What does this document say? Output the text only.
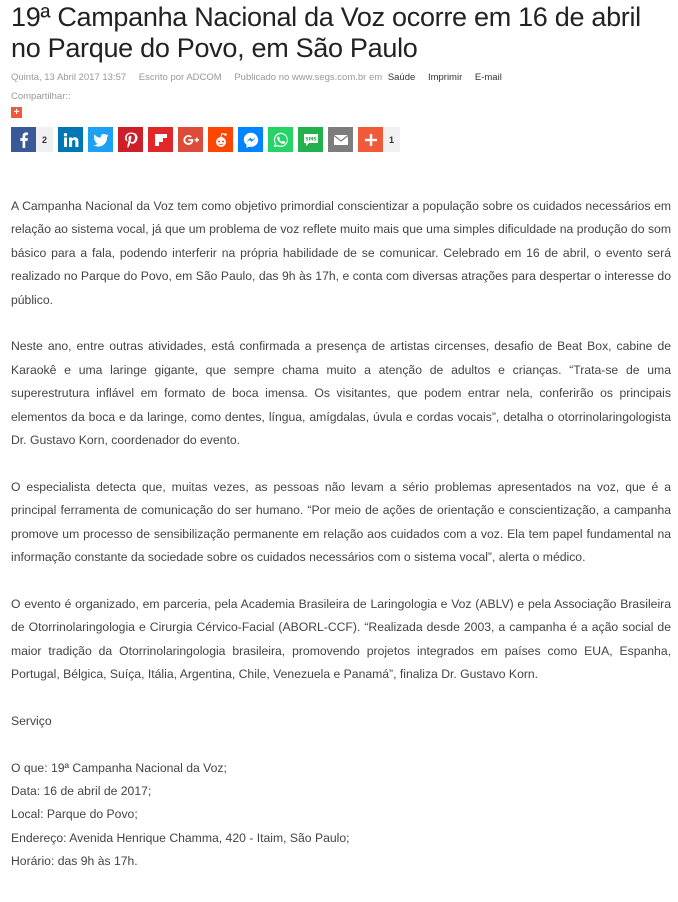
19ª Campanha Nacional da Voz ocorre em 16 de abril no Parque do Povo, em São Paulo
Quinta, 13 Abril 2017 13:57 Escrito por ADCOM Publicado no www.segs.com.br em Saúde Imprimir E-mail
Compartilhar::
+
2	SMS	1

A Campanha Nacional da Voz tem como objetivo primordial conscientizar a população sobre os cuidados necessários em relação ao sistema vocal, já que um problema de voz reflete muito mais que uma simples dificuldade na produção do som básico para a fala, podendo interferir na própria habilidade de se comunicar. Celebrado em 16 de abril, o evento será realizado no Parque do Povo, em São Paulo, das 9h às 17h, e conta com diversas atrações para despertar o interesse do público.

Neste ano, entre outras atividades, está confirmada a presença de artistas circenses, desafio de Beat Box, cabine de Karaokê e uma laringe gigante, que sempre chama muito a atenção de adultos e crianças. “Trata-se de uma superestrutura inflável em formato de boca imensa. Os visitantes, que podem entrar nela, conferirão os principais elementos da boca e da laringe, como dentes, língua, amígdalas, úvula e cordas vocais”, detalha o otorrinolaringologista Dr. Gustavo Korn, coordenador do evento.

O especialista detecta que, muitas vezes, as pessoas não levam a sério problemas apresentados na voz, que é a principal ferramenta de comunicação do ser humano. “Por meio de ações de orientação e conscientização, a campanha promove um processo de sensibilização permanente em relação aos cuidados com a voz. Ela tem papel fundamental na informação constante da sociedade sobre os cuidados necessários com o sistema vocal”, alerta o médico.

O evento é organizado, em parceria, pela Academia Brasileira de Laringologia e Voz (ABLV) e pela Associação Brasileira de Otorrinolaringologia e Cirurgia Cérvico-Facial (ABORL-CCF). “Realizada desde 2003, a campanha é a ação social de maior tradição da Otorrinolaringologia brasileira, promovendo projetos integrados em países como EUA, Espanha, Portugal, Bélgica, Suíça, Itália, Argentina, Chile, Venezuela e Panamá”, finaliza Dr. Gustavo Korn.

Serviço

O que: 19ª Campanha Nacional da Voz;

Data: 16 de abril de 2017;

Local: Parque do Povo;

Endereço: Avenida Henrique Chamma, 420 - Itaim, São Paulo;

Horário: das 9h às 17h.
